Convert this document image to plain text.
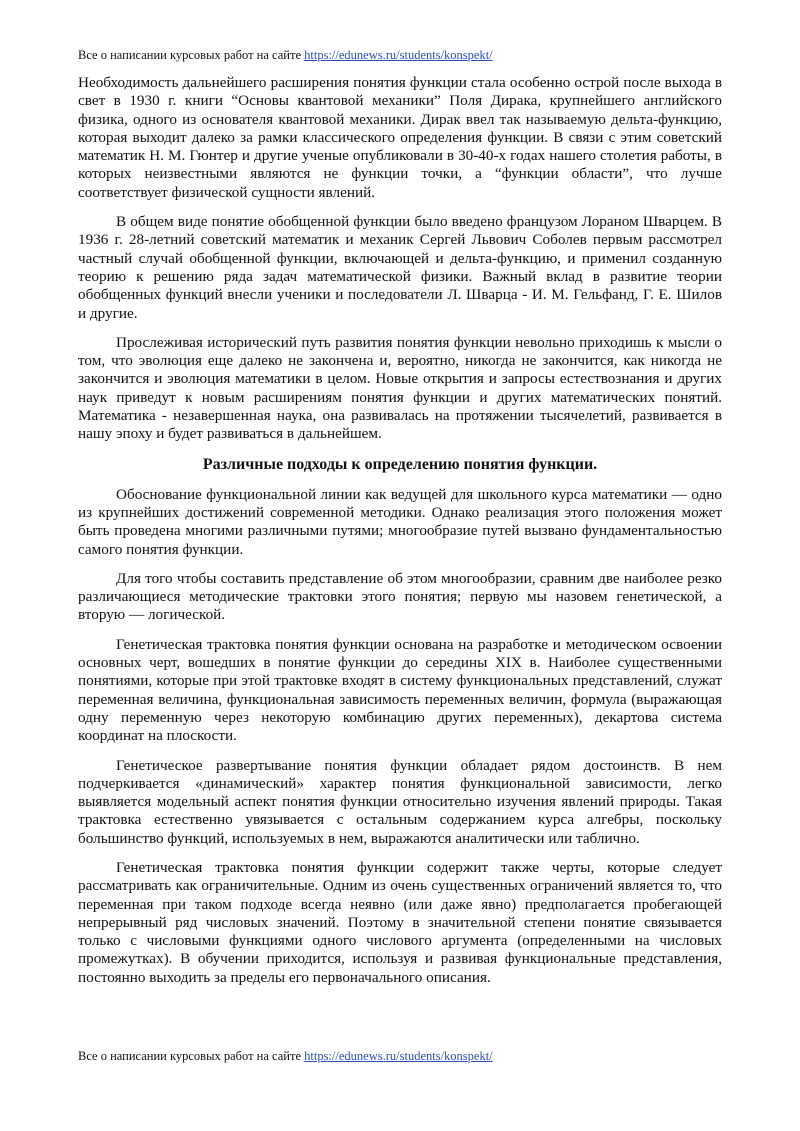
Все о написании курсовых работ на сайте https://edunews.ru/students/konspekt/

Необходимость дальнейшего расширения понятия функции стала особенно острой после выхода в свет в 1930 г. книги “Основы квантовой механики” Поля Дирака, крупнейшего английского физика, одного из основателя квантовой механики. Дирак ввел так называемую дельта-функцию, которая выходит далеко за рамки классического определения функции. В связи с этим советский математик Н. М. Гюнтер и другие ученые опубликовали в 30-40-х годах нашего столетия работы, в которых неизвестными являются не функции точки, а “функции области”, что лучше соответствует физической сущности явлений.

В общем виде понятие обобщенной функции было введено французом Лораном Шварцем. В 1936 г. 28-летний советский математик и механик Сергей Львович Соболев первым рассмотрел частный случай обобщенной функции, включающей и дельта-функцию, и применил созданную теорию к решению ряда задач математической физики. Важный вклад в развитие теории обобщенных функций внесли ученики и последователи Л. Шварца - И. М. Гельфанд, Г. Е. Шилов и другие.

Прослеживая исторический путь развития понятия функции невольно приходишь к мысли о том, что эволюция еще далеко не закончена и, вероятно, никогда не закончится, как никогда не закончится и эволюция математики в целом. Новые открытия и запросы естествознания и других наук приведут к новым расширениям понятия функции и других математических понятий. Математика - незавершенная наука, она развивалась на протяжении тысячелетий, развивается в нашу эпоху и будет развиваться в дальнейшем.

Различные подходы к определению понятия функции.

Обоснование функциональной линии как ведущей для школьного курса математики — одно из крупнейших достижений современной методики. Однако реализация этого положения может быть проведена многими различными путями; многообразие путей вызвано фундаментальностью самого понятия функции.

Для того чтобы составить представление об этом многообразии, сравним две наиболее резко различающиеся методические трактовки этого понятия; первую мы назовем генетической, а вторую — логической.

Генетическая трактовка понятия функции основана на разработке и методическом освоении основных черт, вошедших в понятие функции до середины XIX в. Наиболее существенными понятиями, которые при этой трактовке входят в систему функциональных представлений, служат переменная величина, функциональная зависимость переменных величин, формула (выражающая одну переменную через некоторую комбинацию других переменных), декартова система координат на плоскости.

Генетическое развертывание понятия функции обладает рядом достоинств. В нем подчеркивается «динамический» характер понятия функциональной зависимости, легко выявляется модельный аспект понятия функции относительно изучения явлений природы. Такая трактовка естественно увязывается с остальным содержанием курса алгебры, поскольку большинство функций, используемых в нем, выражаются аналитически или таблично.

Генетическая трактовка понятия функции содержит также черты, которые следует рассматривать как ограничительные. Одним из очень существенных ограничений является то, что переменная при таком подходе всегда неявно (или даже явно) предполагается пробегающей непрерывный ряд числовых значений. Поэтому в значительной степени понятие связывается только с числовыми функциями одного числового аргумента (определенными на числовых промежутках). В обучении приходится, используя и развивая функциональные представления, постоянно выходить за пределы его первоначального описания.

Все о написании курсовых работ на сайте https://edunews.ru/students/konspekt/
